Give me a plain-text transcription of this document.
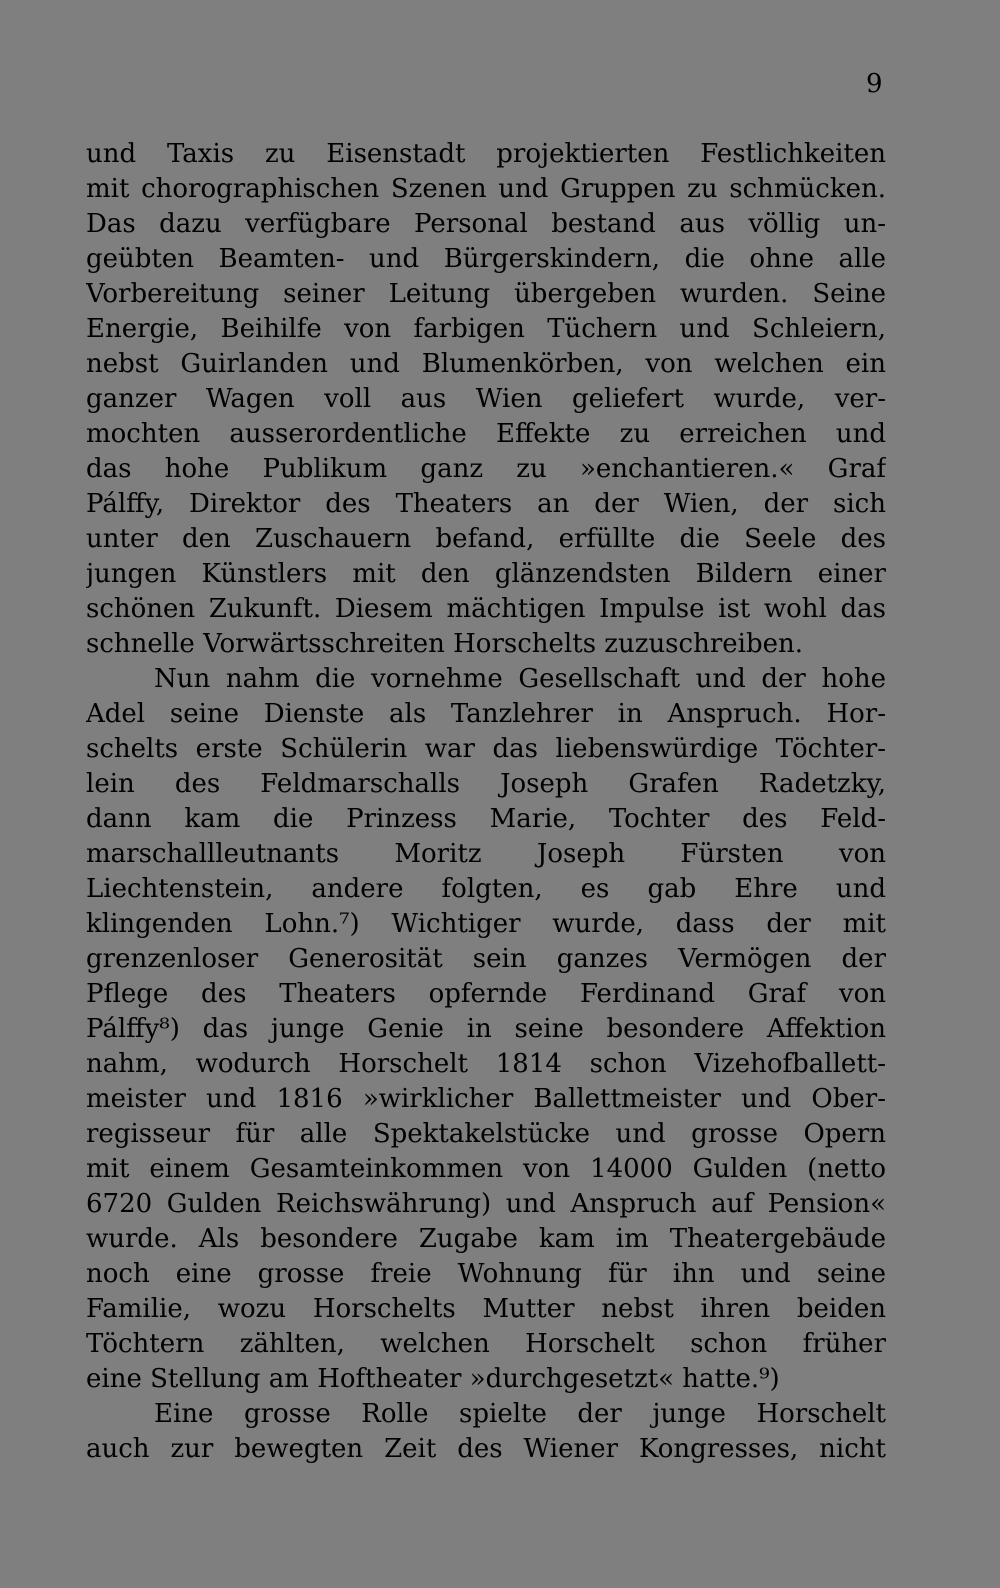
9
und Taxis zu Eisenstadt projektierten Festlichkeiten
mit chorographischen Szenen und Gruppen zu schmücken.
Das dazu verfügbare Personal bestand aus völlig un-
geübten Beamten- und Bürgerskindern, die ohne alle
Vorbereitung seiner Leitung übergeben wurden. Seine
Energie, Beihilfe von farbigen Tüchern und Schleiern,
nebst Guirlanden und Blumenkörben, von welchen ein
ganzer Wagen voll aus Wien geliefert wurde, ver-
mochten ausserordentliche Effekte zu erreichen und
das hohe Publikum ganz zu »enchantieren.« Graf
Pálffy, Direktor des Theaters an der Wien, der sich
unter den Zuschauern befand, erfüllte die Seele des
jungen Künstlers mit den glänzendsten Bildern einer
schönen Zukunft. Diesem mächtigen Impulse ist wohl das
schnelle Vorwärtsschreiten Horschelts zuzuschreiben.
Nun nahm die vornehme Gesellschaft und der hohe
Adel seine Dienste als Tanzlehrer in Anspruch. Hor-
schelts erste Schülerin war das liebenswürdige Töchter-
lein des Feldmarschalls Joseph Grafen Radetzky,
dann kam die Prinzess Marie, Tochter des Feld-
marschallleutnants Moritz Joseph Fürsten von
Liechtenstein, andere folgten, es gab Ehre und
klingenden Lohn.⁷) Wichtiger wurde, dass der mit
grenzenloser Generosität sein ganzes Vermögen der
Pflege des Theaters opfernde Ferdinand Graf von
Pálffy⁸) das junge Genie in seine besondere Affektion
nahm, wodurch Horschelt 1814 schon Vizehofballett-
meister und 1816 »wirklicher Ballettmeister und Ober-
regisseur für alle Spektakelstücke und grosse Opern
mit einem Gesamteinkommen von 14000 Gulden (netto
6720 Gulden Reichswährung) und Anspruch auf Pension«
wurde. Als besondere Zugabe kam im Theatergebäude
noch eine grosse freie Wohnung für ihn und seine
Familie, wozu Horschelts Mutter nebst ihren beiden
Töchtern zählten, welchen Horschelt schon früher
eine Stellung am Hoftheater »durchgesetzt« hatte.⁹)
Eine grosse Rolle spielte der junge Horschelt
auch zur bewegten Zeit des Wiener Kongresses, nicht
